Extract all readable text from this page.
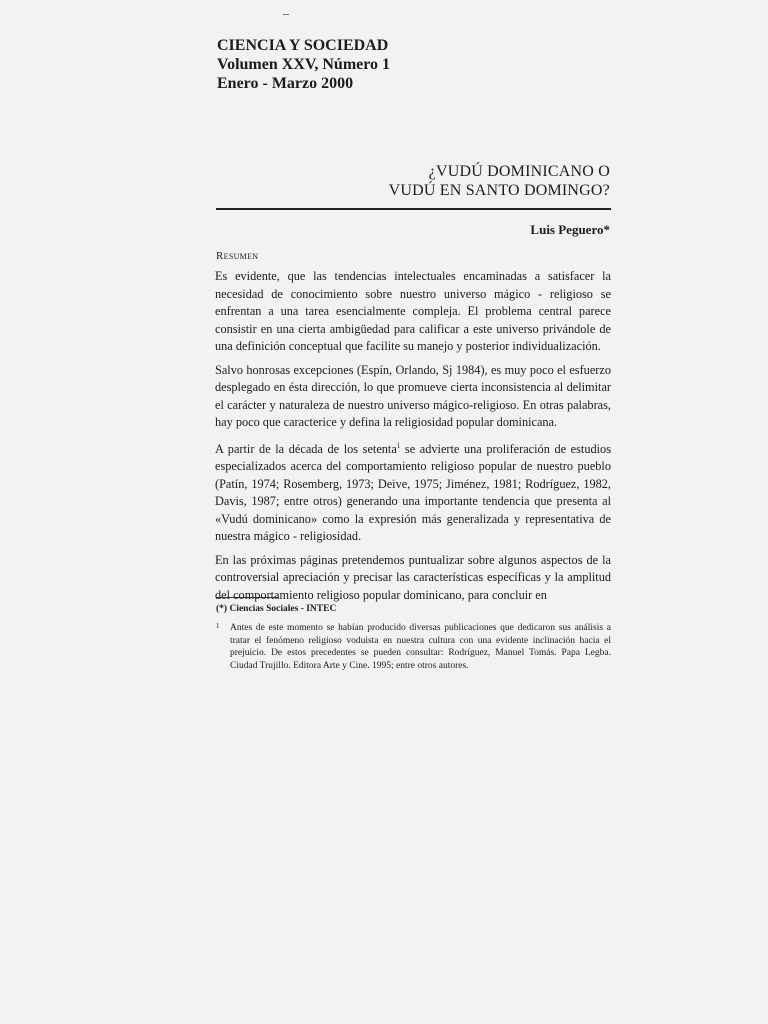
CIENCIA Y SOCIEDAD
Volumen XXV, Número 1
Enero - Marzo 2000
¿VUDÚ DOMINICANO O
VUDÚ EN SANTO DOMINGO?
Luis Peguero*
Resumen

Es evidente, que las tendencias intelectuales encaminadas a satisfacer la necesidad de conocimiento sobre nuestro universo mágico - religioso se enfrentan a una tarea esencialmente compleja. El problema central parece consistir en una cierta ambigüedad para calificar a este universo privándole de una definición conceptual que facilite su manejo y posterior individualización.

Salvo honrosas excepciones (Espín, Orlando, Sj 1984), es muy poco el esfuerzo desplegado en ésta dirección, lo que promueve cierta inconsistencia al delimitar el carácter y naturaleza de nuestro universo mágico-religioso. En otras palabras, hay poco que caracterice y defina la religiosidad popular dominicana.

A partir de la década de los setenta$^1$ se advierte una proliferación de estudios especializados acerca del comportamiento religioso popular de nuestro pueblo (Patín, 1974; Rosemberg, 1973; Deive, 1975; Jiménez, 1981; Rodríguez, 1982, Davis, 1987; entre otros) generando una importante tendencia que presenta al «Vudú dominicano» como la expresión más generalizada y representativa de nuestra mágico - religiosidad.

En las próximas páginas pretendemos puntualizar sobre algunos aspectos de la controversial apreciación y precisar las características específicas y la amplitud del comportamiento religioso popular dominicano, para concluir en

(*) Ciencias Sociales - INTEC
1 Antes de este momento se habían producido diversas publicaciones que dedicaron sus análisis a tratar el fenómeno religioso voduista en nuestra cultura con una evidente inclinación hacia el prejuicio. De estos precedentes se pueden consultar: Rodríguez, Manuel Tomás. Papa Legba. Ciudad Trujillo. Editora Arte y Cine. 1995; entre otros autores.
